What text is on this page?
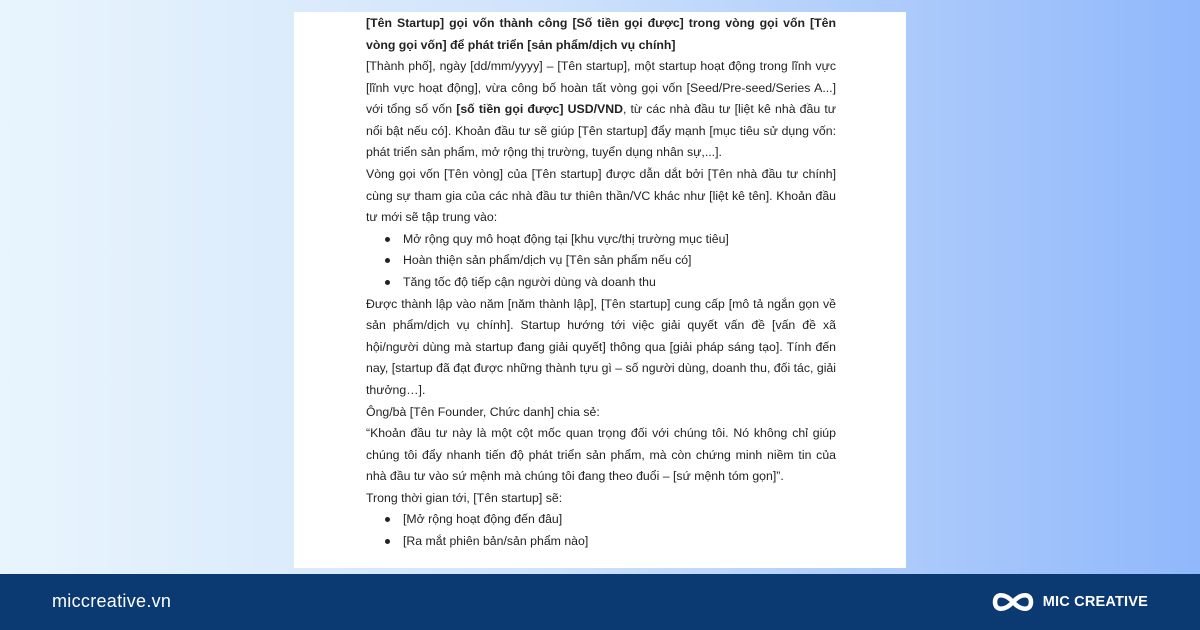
[Tên Startup] gọi vốn thành công [Số tiền gọi được] trong vòng gọi vốn [Tên vòng gọi vốn] để phát triển [sản phẩm/dịch vụ chính]

[Thành phố], ngày [dd/mm/yyyy] – [Tên startup], một startup hoạt động trong lĩnh vực [lĩnh vực hoạt động], vừa công bố hoàn tất vòng gọi vốn [Seed/Pre-seed/Series A...] với tổng số vốn [số tiền gọi được] USD/VND, từ các nhà đầu tư [liệt kê nhà đầu tư nổi bật nếu có]. Khoản đầu tư sẽ giúp [Tên startup] đẩy mạnh [mục tiêu sử dụng vốn: phát triển sản phẩm, mở rộng thị trường, tuyển dụng nhân sự,...].

Vòng gọi vốn [Tên vòng] của [Tên startup] được dẫn dắt bởi [Tên nhà đầu tư chính] cùng sự tham gia của các nhà đầu tư thiên thần/VC khác như [liệt kê tên]. Khoản đầu tư mới sẽ tập trung vào:

Mở rộng quy mô hoạt động tại [khu vực/thị trường mục tiêu]
Hoàn thiện sản phẩm/dịch vụ [Tên sản phẩm nếu có]
Tăng tốc độ tiếp cận người dùng và doanh thu

Được thành lập vào năm [năm thành lập], [Tên startup] cung cấp [mô tả ngắn gọn về sản phẩm/dịch vụ chính]. Startup hướng tới việc giải quyết vấn đề [vấn đề xã hội/người dùng mà startup đang giải quyết] thông qua [giải pháp sáng tạo]. Tính đến nay, [startup đã đạt được những thành tựu gì – số người dùng, doanh thu, đối tác, giải thưởng…].

Ông/bà [Tên Founder, Chức danh] chia sẻ:

“Khoản đầu tư này là một cột mốc quan trọng đối với chúng tôi. Nó không chỉ giúp chúng tôi đẩy nhanh tiến độ phát triển sản phẩm, mà còn chứng minh niềm tin của nhà đầu tư vào sứ mệnh mà chúng tôi đang theo đuổi – [sứ mệnh tóm gọn]”.

Trong thời gian tới, [Tên startup] sẽ:

[Mở rộng hoạt động đến đâu]
[Ra mắt phiên bản/sản phẩm nào]
miccreative.vn	MIC CREATIVE
